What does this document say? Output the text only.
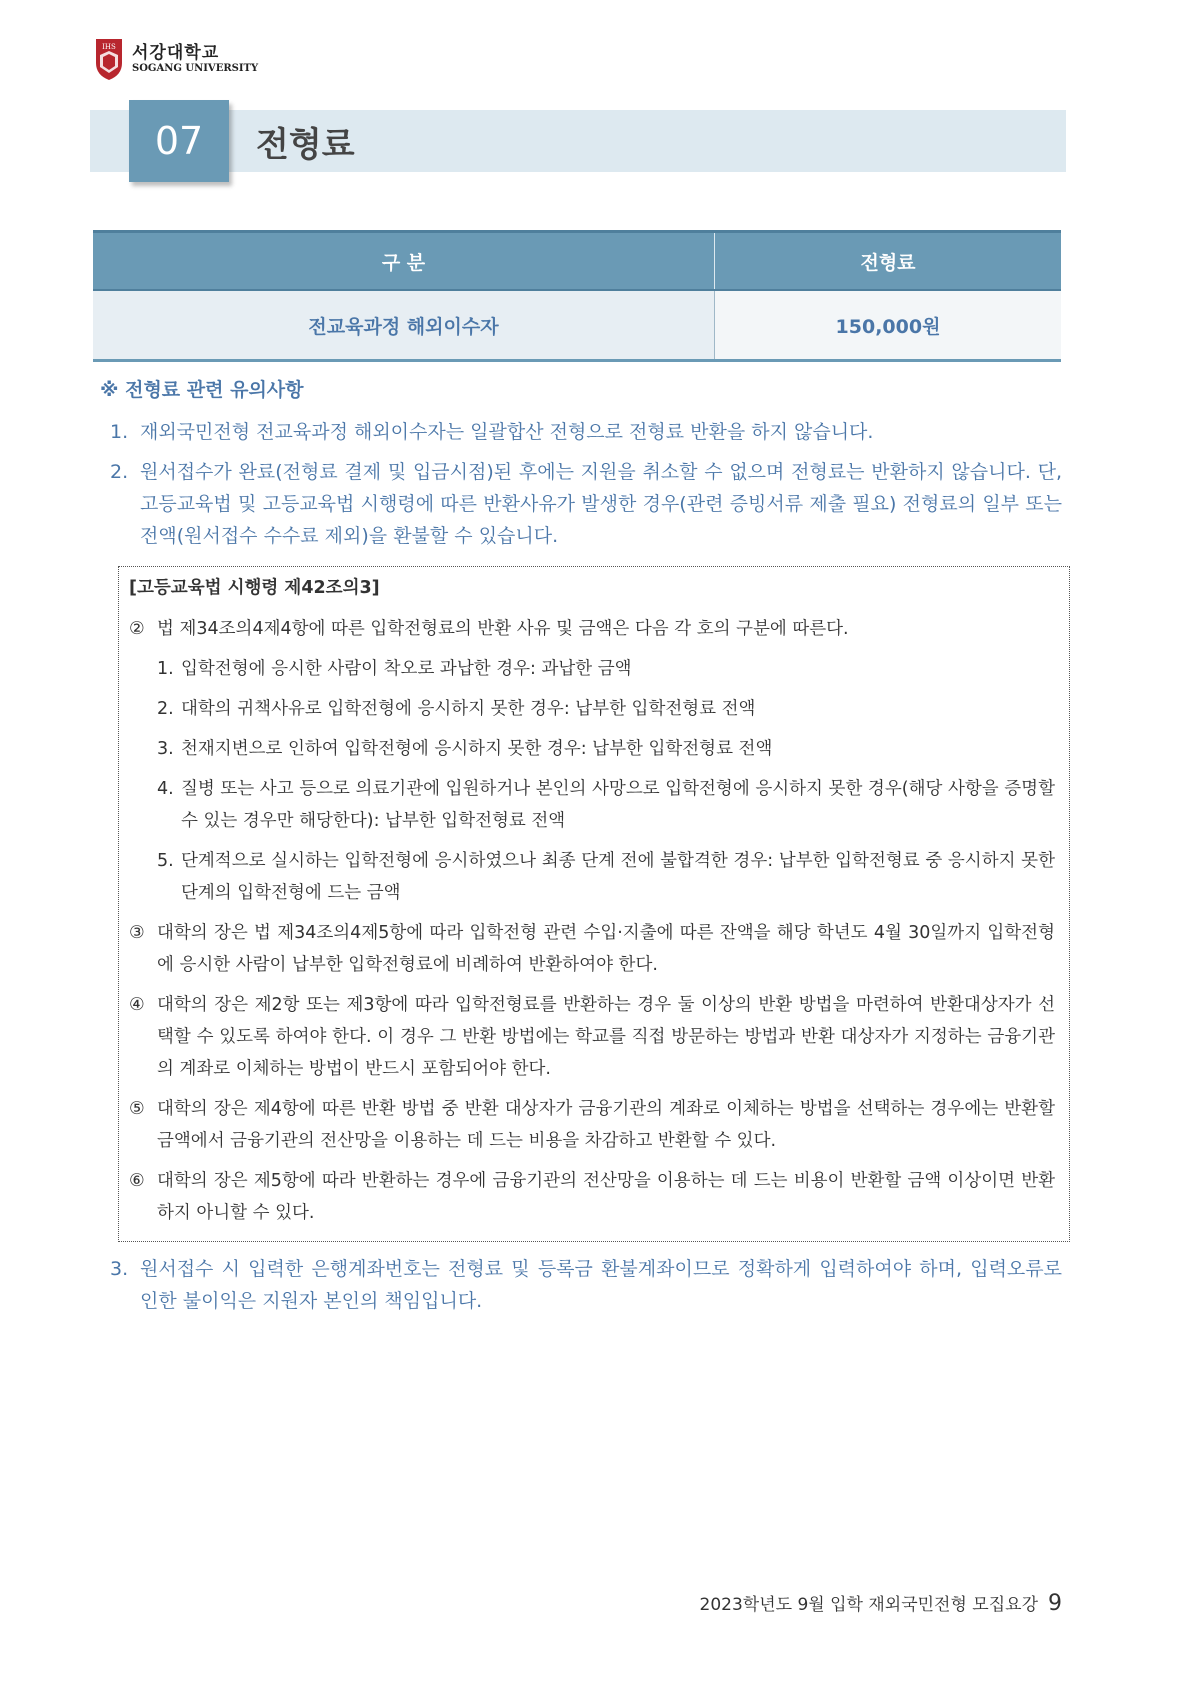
IHS 서강대학교
SOGANG UNIVERSITY
07	전형료
구 분	전형료
전교육과정 해외이수자	150,000원
※ 전형료 관련 유의사항
1. 재외국민전형 전교육과정 해외이수자는 일괄합산 전형으로 전형료 반환을 하지 않습니다.
2. 원서접수가 완료(전형료 결제 및 입금시점)된 후에는 지원을 취소할 수 없으며 전형료는 반환하지 않습니다. 단, 고등교육법 및 고등교육법 시행령에 따른 반환사유가 발생한 경우(관련 증빙서류 제출 필요) 전형료의 일부 또는 전액(원서접수 수수료 제외)을 환불할 수 있습니다.
[고등교육법 시행령 제42조의3]
② 법 제34조의4제4항에 따른 입학전형료의 반환 사유 및 금액은 다음 각 호의 구분에 따른다.
1. 입학전형에 응시한 사람이 착오로 과납한 경우: 과납한 금액
2. 대학의 귀책사유로 입학전형에 응시하지 못한 경우: 납부한 입학전형료 전액
3. 천재지변으로 인하여 입학전형에 응시하지 못한 경우: 납부한 입학전형료 전액
4. 질병 또는 사고 등으로 의료기관에 입원하거나 본인의 사망으로 입학전형에 응시하지 못한 경우(해당 사항을 증명할 수 있는 경우만 해당한다): 납부한 입학전형료 전액
5. 단계적으로 실시하는 입학전형에 응시하였으나 최종 단계 전에 불합격한 경우: 납부한 입학전형료 중 응시하지 못한 단계의 입학전형에 드는 금액
③ 대학의 장은 법 제34조의4제5항에 따라 입학전형 관련 수입·지출에 따른 잔액을 해당 학년도 4월 30일까지 입학전형에 응시한 사람이 납부한 입학전형료에 비례하여 반환하여야 한다.
④ 대학의 장은 제2항 또는 제3항에 따라 입학전형료를 반환하는 경우 둘 이상의 반환 방법을 마련하여 반환대상자가 선택할 수 있도록 하여야 한다. 이 경우 그 반환 방법에는 학교를 직접 방문하는 방법과 반환 대상자가 지정하는 금융기관의 계좌로 이체하는 방법이 반드시 포함되어야 한다.
⑤ 대학의 장은 제4항에 따른 반환 방법 중 반환 대상자가 금융기관의 계좌로 이체하는 방법을 선택하는 경우에는 반환할 금액에서 금융기관의 전산망을 이용하는 데 드는 비용을 차감하고 반환할 수 있다.
⑥ 대학의 장은 제5항에 따라 반환하는 경우에 금융기관의 전산망을 이용하는 데 드는 비용이 반환할 금액 이상이면 반환하지 아니할 수 있다.
3. 원서접수 시 입력한 은행계좌번호는 전형료 및 등록금 환불계좌이므로 정확하게 입력하여야 하며, 입력오류로 인한 불이익은 지원자 본인의 책임입니다.
2023학년도 9월 입학 재외국민전형 모집요강 9
